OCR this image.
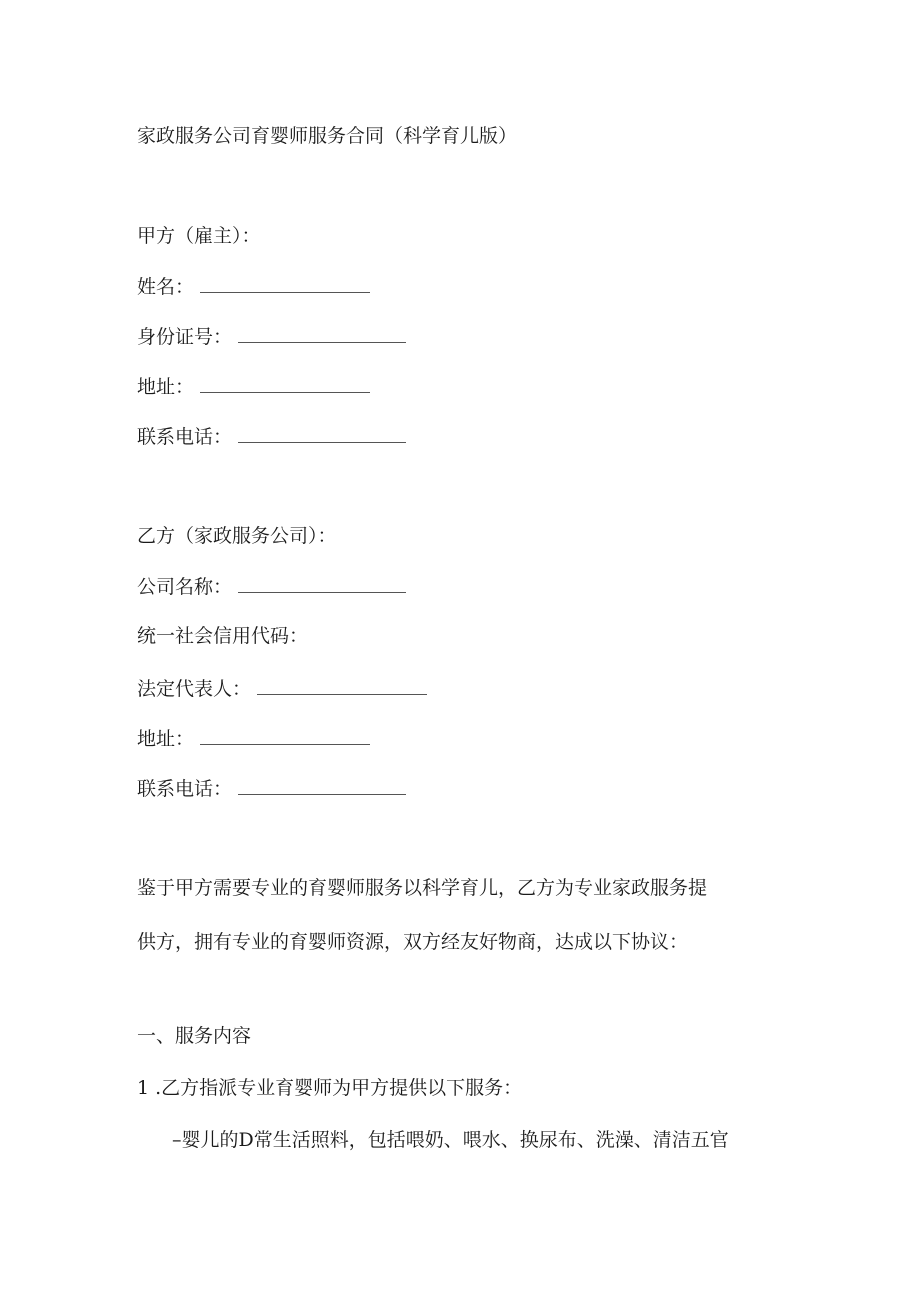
家政服务公司育婴师服务合同（科学育儿版）
甲方（雇主）：
姓名：
身份证号：
地址：
联系电话：
乙方（家政服务公司）：
公司名称：
统一社会信用代码：
法定代表人：
地址：
联系电话：
鉴于甲方需要专业的育婴师服务以科学育儿，乙方为专业家政服务提
供方，拥有专业的育婴师资源，双方经友好物商，达成以下协议：
一、服务内容
1 .乙方指派专业育婴师为甲方提供以下服务：
–婴儿的D常生活照料，包括喂奶、喂水、换尿布、洗澡、清洁五官
